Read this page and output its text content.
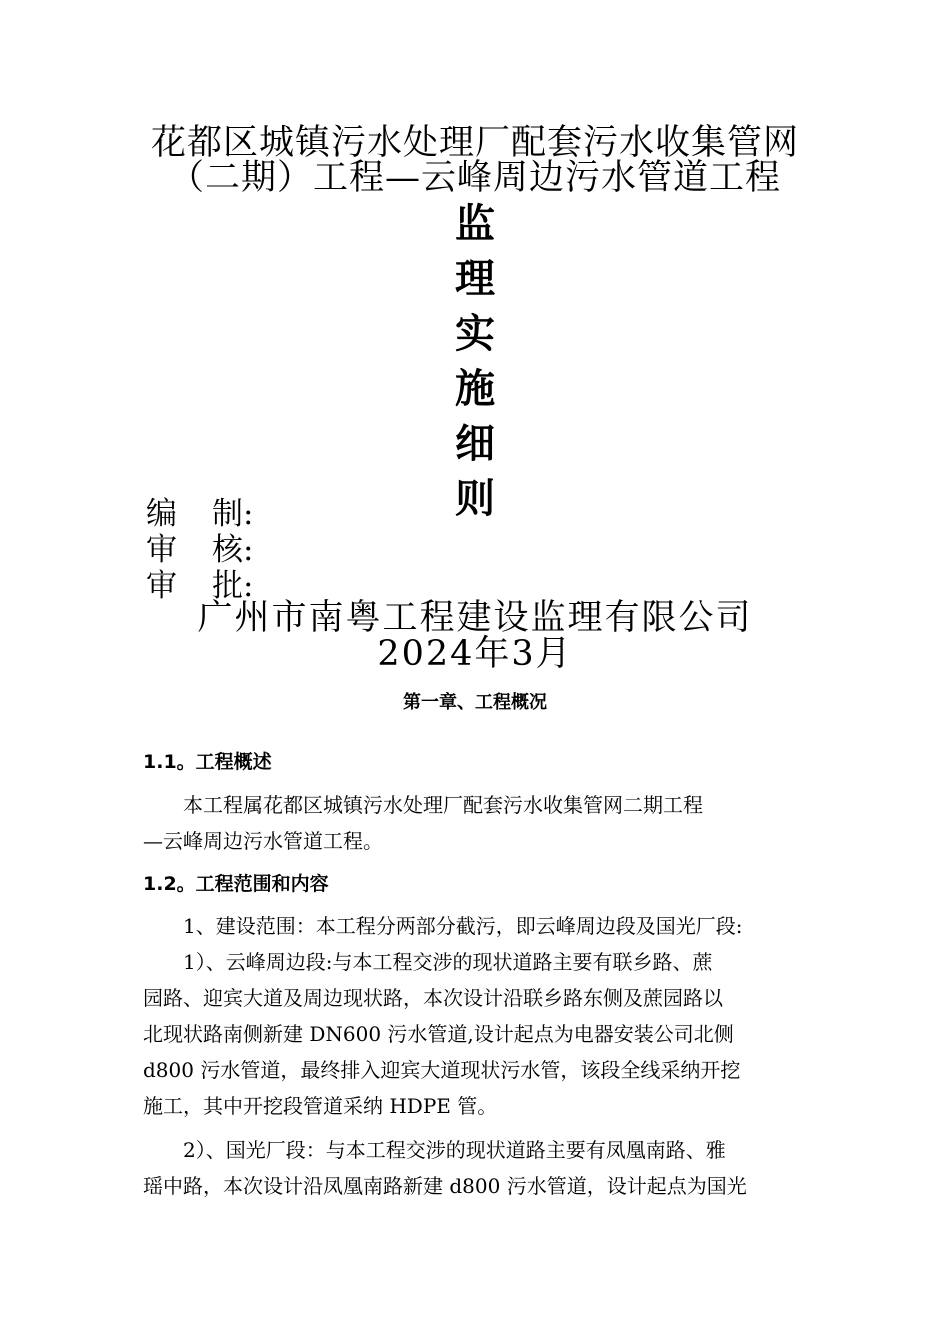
花都区城镇污水处理厂配套污水收集管网
（二期）工程—云峰周边污水管道工程
监
理
实
施
细
则
编 制:
审 核:
审 批:
广州市南粤工程建设监理有限公司
2024年3月
第一章、工程概况
1.1。工程概述
本工程属花都区城镇污水处理厂配套污水收集管网二期工程
—云峰周边污水管道工程。
1.2。工程范围和内容
1、建设范围：本工程分两部分截污，即云峰周边段及国光厂段:
1）、云峰周边段:与本工程交涉的现状道路主要有联乡路、蔗
园路、迎宾大道及周边现状路，本次设计沿联乡路东侧及蔗园路以
北现状路南侧新建 DN600 污水管道,设计起点为电器安装公司北侧
d800 污水管道，最终排入迎宾大道现状污水管，该段全线采纳开挖
施工，其中开挖段管道采纳 HDPE 管。
2）、国光厂段：与本工程交涉的现状道路主要有凤凰南路、雅
瑶中路，本次设计沿凤凰南路新建 d800 污水管道，设计起点为国光
